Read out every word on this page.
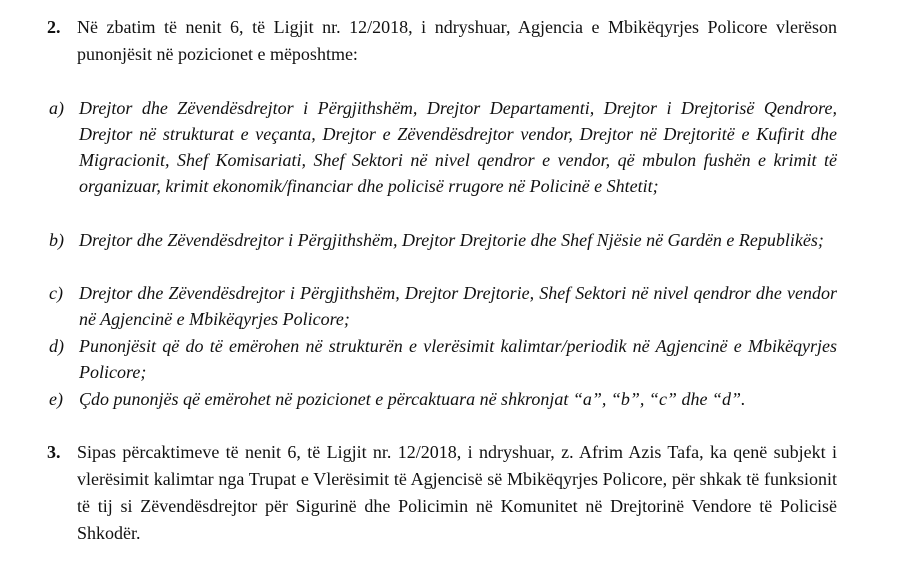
2. Në zbatim të nenit 6, të Ligjit nr. 12/2018, i ndryshuar, Agjencia e Mbikëqyrjes Policore vlerëson punonjësit në pozicionet e mëposhtme:
a) Drejtor dhe Zëvendësdrejtor i Përgjithshëm, Drejtor Departamenti, Drejtor i Drejtorisë Qendrore, Drejtor në strukturat e veçanta, Drejtor e Zëvendësdrejtor vendor, Drejtor në Drejtoritë e Kufirit dhe Migracionit, Shef Komisariati, Shef Sektori në nivel qendror e vendor, që mbulon fushën e krimit të organizuar, krimit ekonomik/financiar dhe policisë rrugore në Policinë e Shtetit;
b) Drejtor dhe Zëvendësdrejtor i Përgjithshëm, Drejtor Drejtorie dhe Shef Njësie në Gardën e Republikës;
c) Drejtor dhe Zëvendësdrejtor i Përgjithshëm, Drejtor Drejtorie, Shef Sektori në nivel qendror dhe vendor në Agjencinë e Mbikëqyrjes Policore;
d) Punonjësit që do të emërohen në strukturën e vlerësimit kalimtar/periodik në Agjencinë e Mbikëqyrjes Policore;
e) Çdo punonjës që emërohet në pozicionet e përcaktuara në shkronjat “a”, “b”, “c” dhe “d”.
3. Sipas përcaktimeve të nenit 6, të Ligjit nr. 12/2018, i ndryshuar, z. Afrim Azis Tafa, ka qenë subjekt i vlerësimit kalimtar nga Trupat e Vlerësimit të Agjencisë së Mbikëqyrjes Policore, për shkak të funksionit të tij si Zëvendësdrejtor për Sigurinë dhe Policimin në Komunitet në Drejtorinë Vendore të Policisë Shkodër.
